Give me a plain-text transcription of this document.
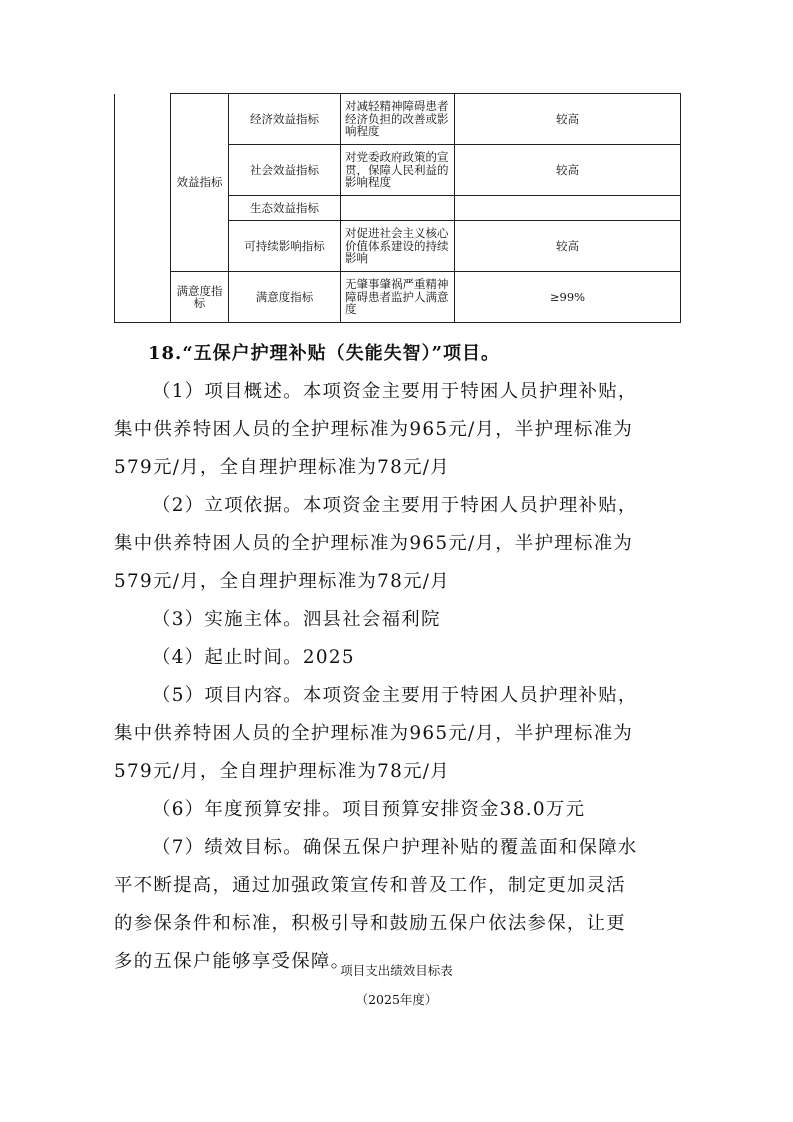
	效益指标	经济效益指标	对减轻精神障碍患者经济负担的改善或影响程度	较高
		社会效益指标	对党委政府政策的宣贯，保障人民利益的影响程度	较高
		生态效益指标		
		可持续影响指标	对促进社会主义核心价值体系建设的持续影响	较高
	满意度指标	满意度指标	无肇事肇祸严重精神障碍患者监护人满意度	≥99%
18.“五保户护理补贴（失能失智）”项目。
（1）项目概述。本项资金主要用于特困人员护理补贴，
集中供养特困人员的全护理标准为965元/月，半护理标准为
579元/月，全自理护理标准为78元/月
（2）立项依据。本项资金主要用于特困人员护理补贴，
集中供养特困人员的全护理标准为965元/月，半护理标准为
579元/月，全自理护理标准为78元/月
（3）实施主体。泗县社会福利院
（4）起止时间。2025
（5）项目内容。本项资金主要用于特困人员护理补贴，
集中供养特困人员的全护理标准为965元/月，半护理标准为
579元/月，全自理护理标准为78元/月
（6）年度预算安排。项目预算安排资金38.0万元
（7）绩效目标。确保五保户护理补贴的覆盖面和保障水
平不断提高，通过加强政策宣传和普及工作，制定更加灵活
的参保条件和标准，积极引导和鼓励五保户依法参保，让更
多的五保户能够享受保障。
项目支出绩效目标表
（2025年度）
